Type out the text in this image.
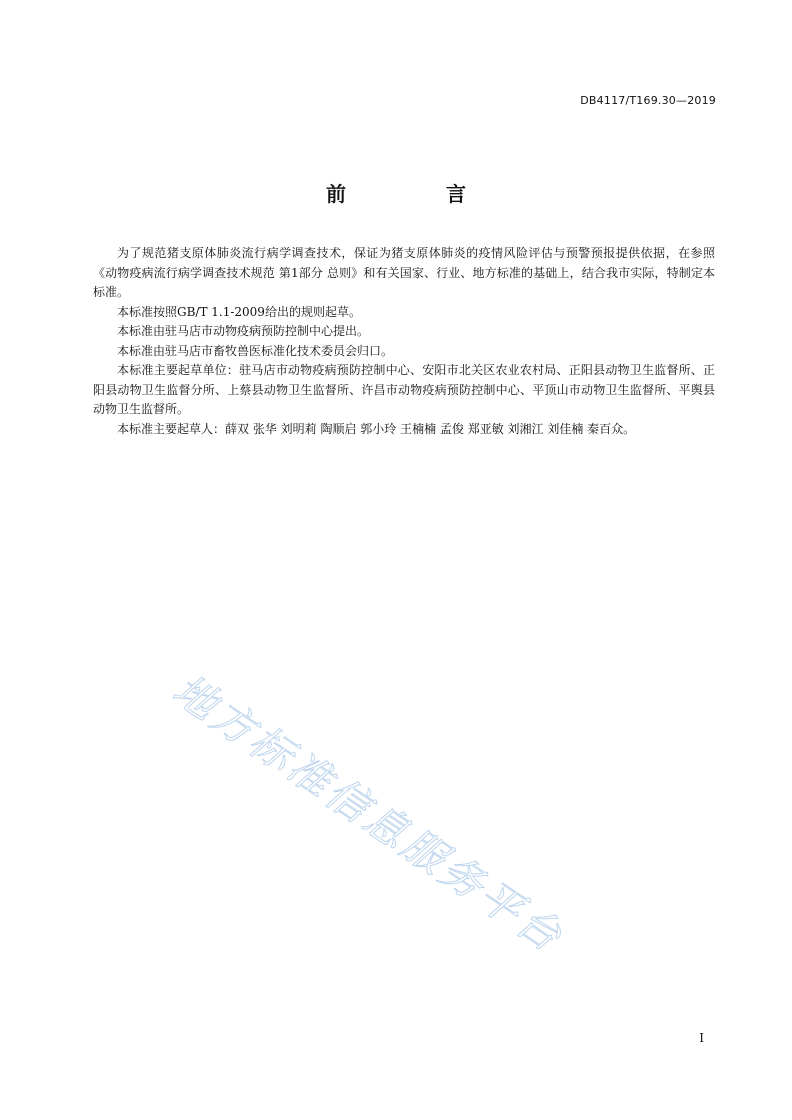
DB4117/T169.30—2019
前　言

为了规范猪支原体肺炎流行病学调查技术，保证为猪支原体肺炎的疫情风险评估与预警预报提供依据，在参照《动物疫病流行病学调查技术规范 第1部分 总则》和有关国家、行业、地方标准的基础上，结合我市实际，特制定本标准。

本标准按照GB/T 1.1-2009给出的规则起草。

本标准由驻马店市动物疫病预防控制中心提出。

本标准由驻马店市畜牧兽医标准化技术委员会归口。

本标准主要起草单位：驻马店市动物疫病预防控制中心、安阳市北关区农业农村局、正阳县动物卫生监督所、正阳县动物卫生监督分所、上蔡县动物卫生监督所、许昌市动物疫病预防控制中心、平顶山市动物卫生监督所、平舆县动物卫生监督所。

本标准主要起草人：薛双 张华 刘明莉 陶顺启 郭小玲 王楠楠 孟俊 郑亚敏 刘湘江 刘佳楠 秦百众。

地方标准信息服务平台
I
